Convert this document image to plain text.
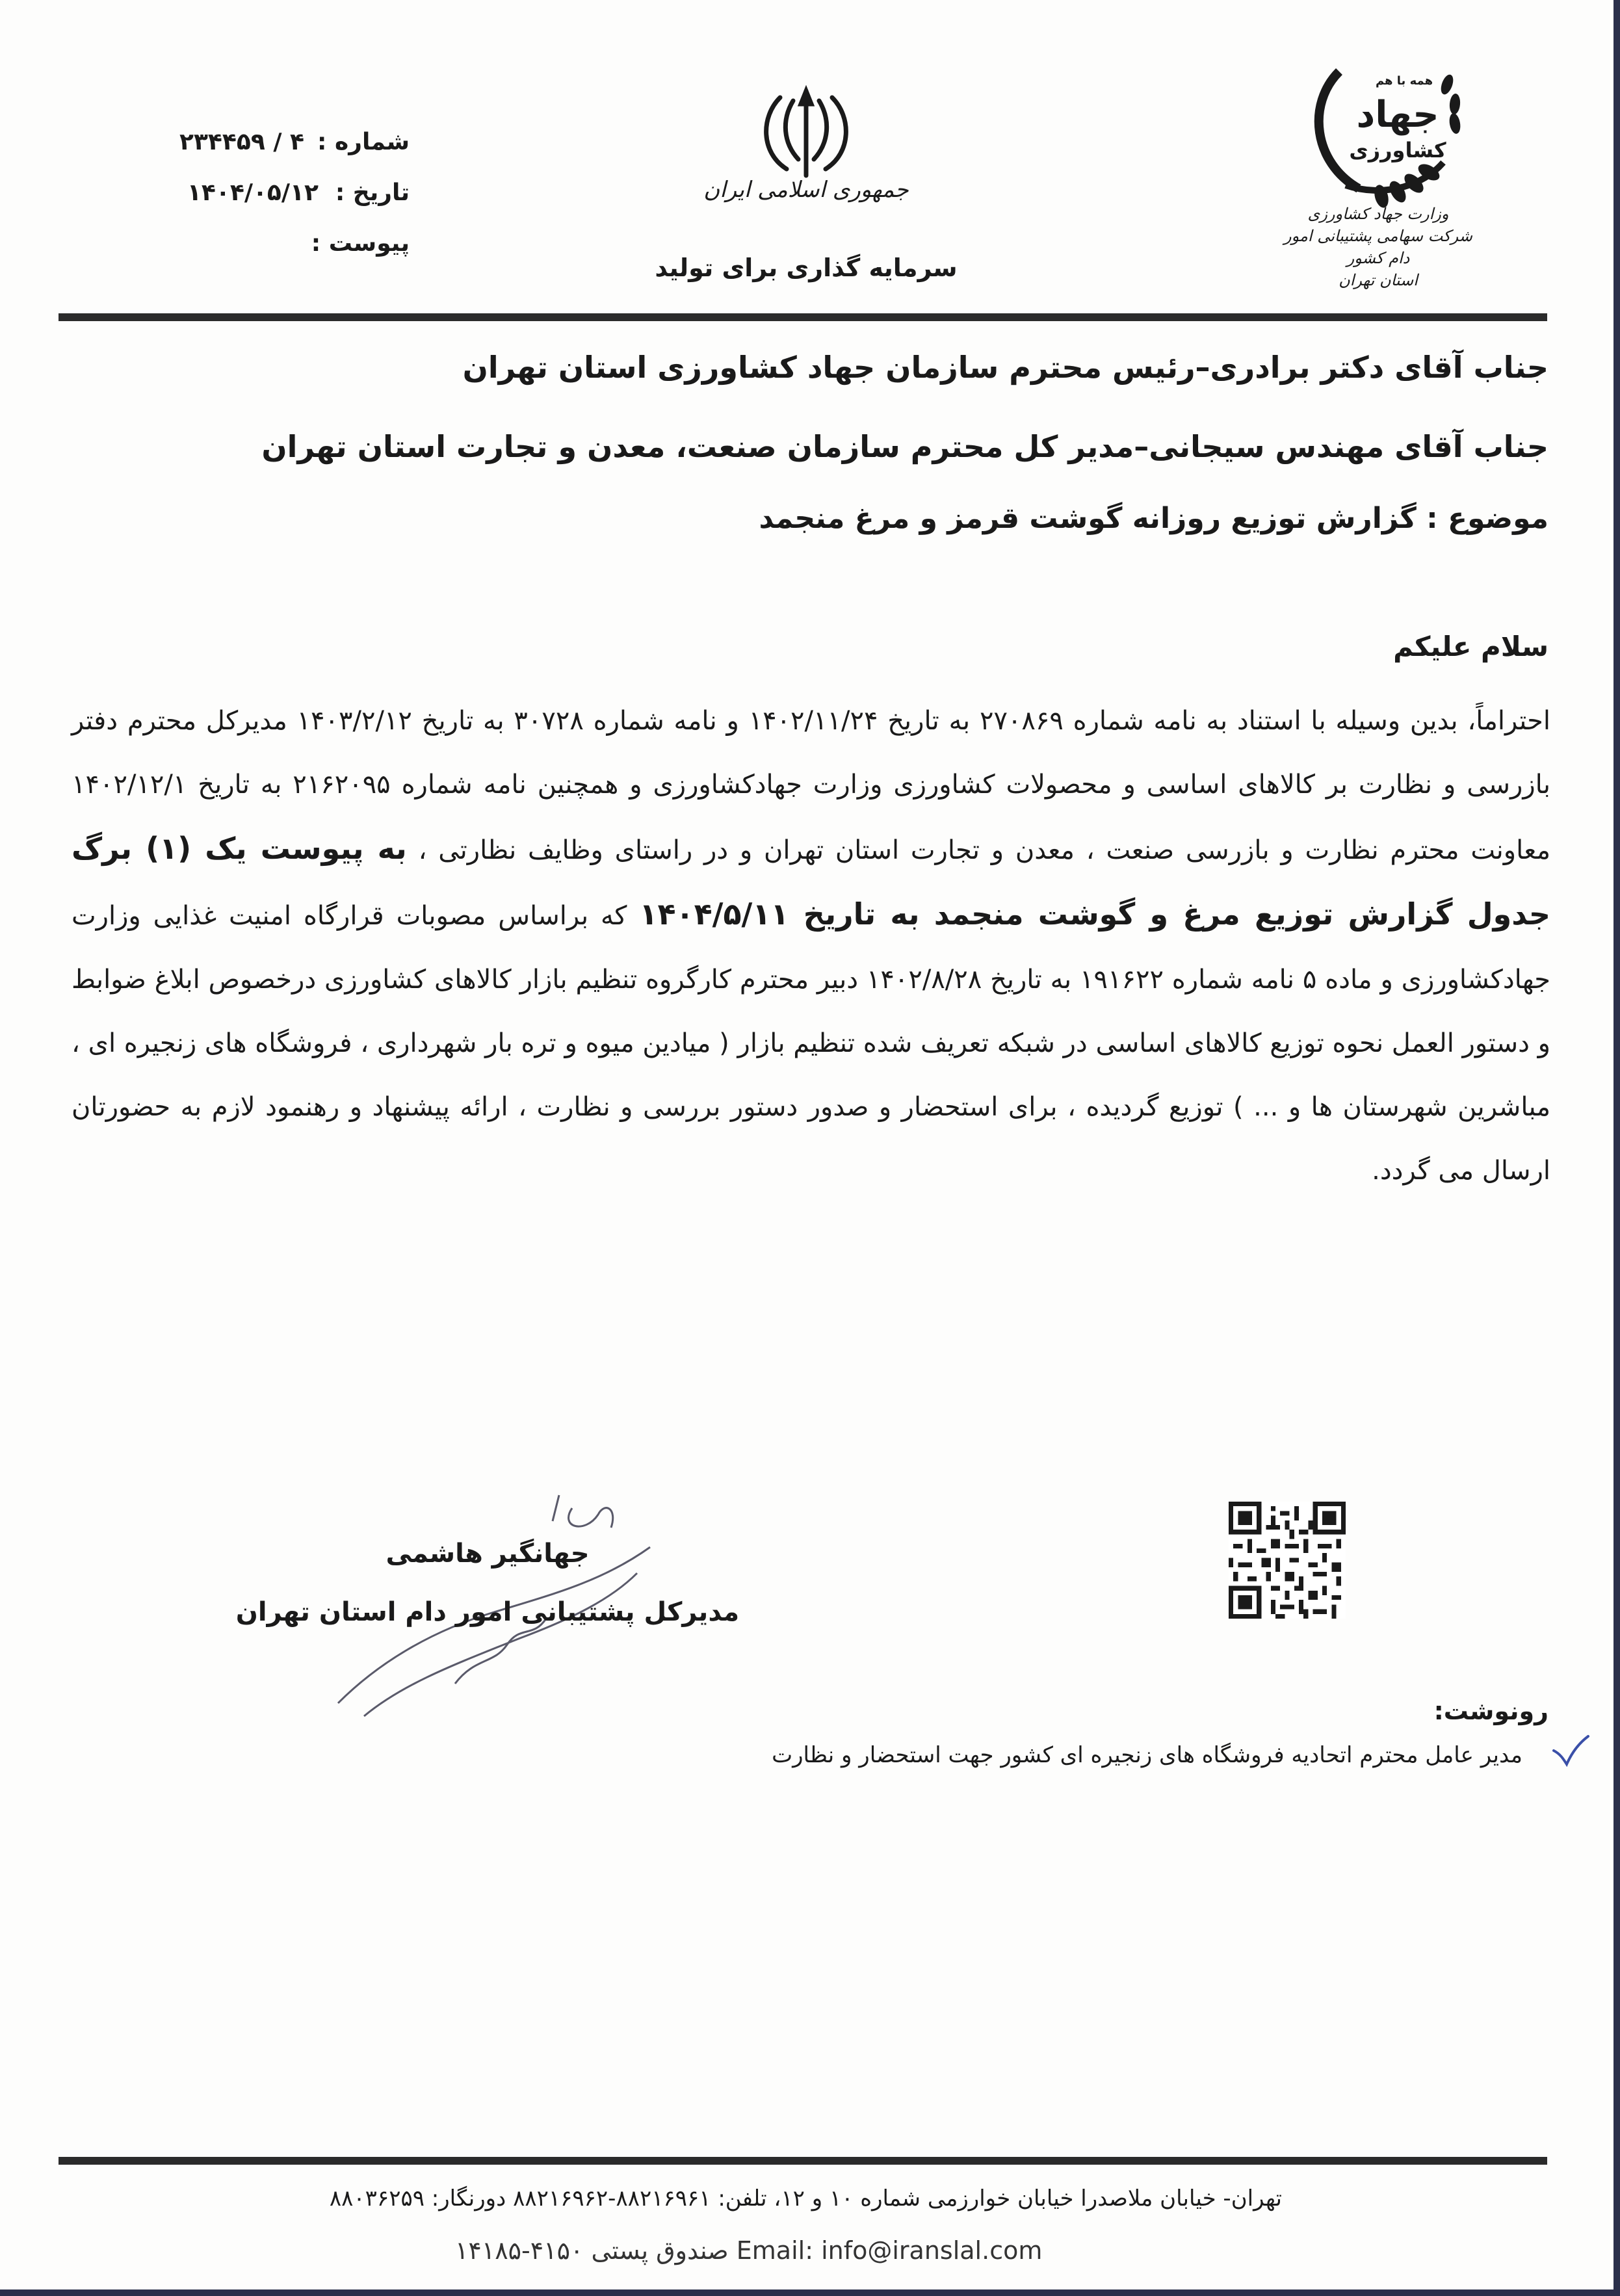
شماره :
۴ / ۲۳۴۴۵۹
تاریخ :
۱۴۰۴/۰۵/۱۲
پیوست :
جمهوری اسلامی ایران
سرمایه گذاری برای تولید
همه با هم
جهاد
کشاورزی
وزارت جهاد کشاورزی
شرکت سهامی پشتیبانی امور دام کشور
استان تهران
جناب آقای دکتر برادری–رئیس محترم سازمان جهاد کشاورزی استان تهران
جناب آقای مهندس سیجانی–مدیر کل محترم سازمان صنعت، معدن و تجارت استان تهران
موضوع : گزارش توزیع روزانه گوشت قرمز و مرغ منجمد
سلام علیکم
احتراماً، بدین وسیله با استناد به نامه شماره ۲۷۰۸۶۹ به تاریخ ۱۴۰۲/۱۱/۲۴ و نامه شماره ۳۰۷۲۸ به تاریخ ۱۴۰۳/۲/۱۲ مدیرکل محترم دفتر بازرسی و نظارت بر کالاهای اساسی و محصولات کشاورزی وزارت جهادکشاورزی و همچنین نامه شماره ۲۱۶۲۰۹۵ به تاریخ ۱۴۰۲/۱۲/۱ معاونت محترم نظارت و بازرسی صنعت ، معدن و تجارت استان تهران و در راستای وظایف نظارتی ، به پیوست یک (۱) برگ جدول گزارش توزیع مرغ و گوشت منجمد به تاریخ ۱۴۰۴/۵/۱۱ که براساس مصوبات قرارگاه امنیت غذایی وزارت جهادکشاورزی و ماده ۵ نامه شماره ۱۹۱۶۲۲ به تاریخ ۱۴۰۲/۸/۲۸ دبیر محترم کارگروه تنظیم بازار کالاهای کشاورزی درخصوص ابلاغ ضوابط و دستور العمل نحوه توزیع کالاهای اساسی در شبکه تعریف شده تنظیم بازار ( میادین میوه و تره بار شهرداری ، فروشگاه های زنجیره ای ، مباشرین شهرستان ها و ... ) توزیع گردیده ، برای استحضار و صدور دستور بررسی و نظارت ، ارائه پیشنهاد و رهنمود لازم به حضورتان ارسال می گردد.
جهانگیر هاشمی
مدیرکل پشتیبانی امور دام استان تهران
رونوشت:
مدیر عامل محترم اتحادیه فروشگاه های زنجیره ای کشور جهت استحضار و نظارت
تهران- خیابان ملاصدرا خیابان خوارزمی شماره ۱۰ و ۱۲، تلفن: ۸۸۲۱۶۹۶۱-۸۸۲۱۶۹۶۲ دورنگار: ۸۸۰۳۶۲۵۹
۱۴۱۸۵-۴۱۵۰ صندوق پستی Email: info@iranslal.com
